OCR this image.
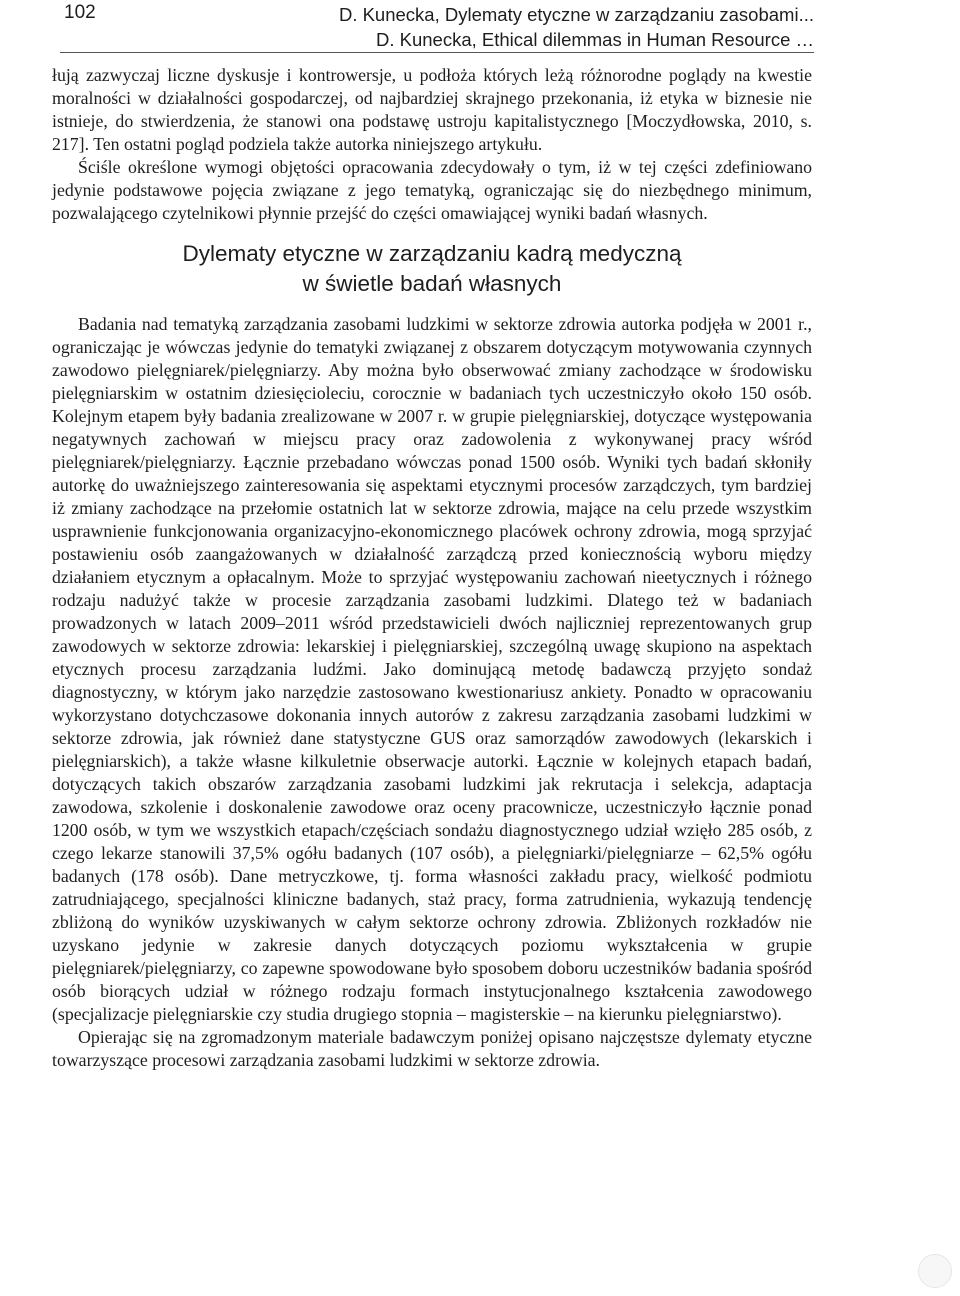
102	D. Kunecka, Dylematy etyczne w zarządzaniu zasobami...
D. Kunecka, Ethical dilemmas in Human Resource …

łują zazwyczaj liczne dyskusje i kontrowersje, u podłoża których leżą różnorodne poglądy na kwestie moralności w działalności gospodarczej, od najbardziej skrajnego przekonania, iż etyka w biznesie nie istnieje, do stwierdzenia, że stanowi ona podstawę ustroju kapitalistycznego [Moczydłowska, 2010, s. 217]. Ten ostatni pogląd podziela także autorka niniejszego artykułu.

Ściśle określone wymogi objętości opracowania zdecydowały o tym, iż w tej części zdefiniowano jedynie podstawowe pojęcia związane z jego tematyką, ograniczając się do niezbędnego minimum, pozwalającego czytelnikowi płynnie przejść do części omawiającej wyniki badań własnych.

Dylematy etyczne w zarządzaniu kadrą medyczną
w świetle badań własnych

Badania nad tematyką zarządzania zasobami ludzkimi w sektorze zdrowia autorka podjęła w 2001 r., ograniczając je wówczas jedynie do tematyki związanej z obszarem dotyczącym motywowania czynnych zawodowo pielęgniarek/pielęgniarzy. Aby można było obserwować zmiany zachodzące w środowisku pielęgniarskim w ostatnim dziesięcioleciu, corocznie w badaniach tych uczestniczyło około 150 osób. Kolejnym etapem były badania zrealizowane w 2007 r. w grupie pielęgniarskiej, dotyczące występowania negatywnych zachowań w miejscu pracy oraz zadowolenia z wykonywanej pracy wśród pielęgniarek/pielęgniarzy. Łącznie przebadano wówczas ponad 1500 osób. Wyniki tych badań skłoniły autorkę do uważniejszego zainteresowania się aspektami etycznymi procesów zarządczych, tym bardziej iż zmiany zachodzące na przełomie ostatnich lat w sektorze zdrowia, mające na celu przede wszystkim usprawnienie funkcjonowania organizacyjno-ekonomicznego placówek ochrony zdrowia, mogą sprzyjać postawieniu osób zaangażowanych w działalność zarządczą przed koniecznością wyboru między działaniem etycznym a opłacalnym. Może to sprzyjać występowaniu zachowań nieetycznych i różnego rodzaju nadużyć także w procesie zarządzania zasobami ludzkimi. Dlatego też w badaniach prowadzonych w latach 2009–2011 wśród przedstawicieli dwóch najliczniej reprezentowanych grup zawodowych w sektorze zdrowia: lekarskiej i pielęgniarskiej, szczególną uwagę skupiono na aspektach etycznych procesu zarządzania ludźmi. Jako dominującą metodę badawczą przyjęto sondaż diagnostyczny, w którym jako narzędzie zastosowano kwestionariusz ankiety. Ponadto w opracowaniu wykorzystano dotychczasowe dokonania innych autorów z zakresu zarządzania zasobami ludzkimi w sektorze zdrowia, jak również dane statystyczne GUS oraz samorządów zawodowych (lekarskich i pielęgniarskich), a także własne kilkuletnie obserwacje autorki. Łącznie w kolejnych etapach badań, dotyczących takich obszarów zarządzania zasobami ludzkimi jak rekrutacja i selekcja, adaptacja zawodowa, szkolenie i doskonalenie zawodowe oraz oceny pracownicze, uczestniczyło łącznie ponad 1200 osób, w tym we wszystkich etapach/częściach sondażu diagnostycznego udział wzięło 285 osób, z czego lekarze stanowili 37,5% ogółu badanych (107 osób), a pielęgniarki/pielęgniarze – 62,5% ogółu badanych (178 osób). Dane metryczkowe, tj. forma własności zakładu pracy, wielkość podmiotu zatrudniającego, specjalności kliniczne badanych, staż pracy, forma zatrudnienia, wykazują tendencję zbliżoną do wyników uzyskiwanych w całym sektorze ochrony zdrowia. Zbliżonych rozkładów nie uzyskano jedynie w zakresie danych dotyczących poziomu wykształcenia w grupie pielęgniarek/pielęgniarzy, co zapewne spowodowane było sposobem doboru uczestników badania spośród osób biorących udział w różnego rodzaju formach instytucjonalnego kształcenia zawodowego (specjalizacje pielęgniarskie czy studia drugiego stopnia – magisterskie – na kierunku pielęgniarstwo).

Opierając się na zgromadzonym materiale badawczym poniżej opisano najczęstsze dylematy etyczne towarzyszące procesowi zarządzania zasobami ludzkimi w sektorze zdrowia.
